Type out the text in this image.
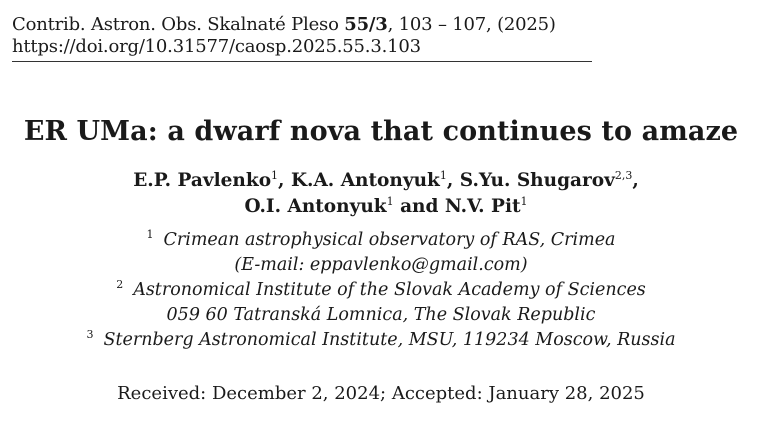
Contrib. Astron. Obs. Skalnaté Pleso 55/3, 103 – 107, (2025)
https://doi.org/10.31577/caosp.2025.55.3.103
ER UMa: a dwarf nova that continues to amaze
E.P. Pavlenko$^1$, K.A. Antonyuk$^1$, S.Yu. Shugarov$^{2,3}$,
O.I. Antonyuk$^1$ and N.V. Pit$^1$
$^1$ Crimean astrophysical observatory of RAS, Crimea
(E-mail: eppavlenko@gmail.com)
$^2$ Astronomical Institute of the Slovak Academy of Sciences
059 60 Tatranská Lomnica, The Slovak Republic
$^3$ Sternberg Astronomical Institute, MSU, 119234 Moscow, Russia
Received: December 2, 2024; Accepted: January 28, 2025
